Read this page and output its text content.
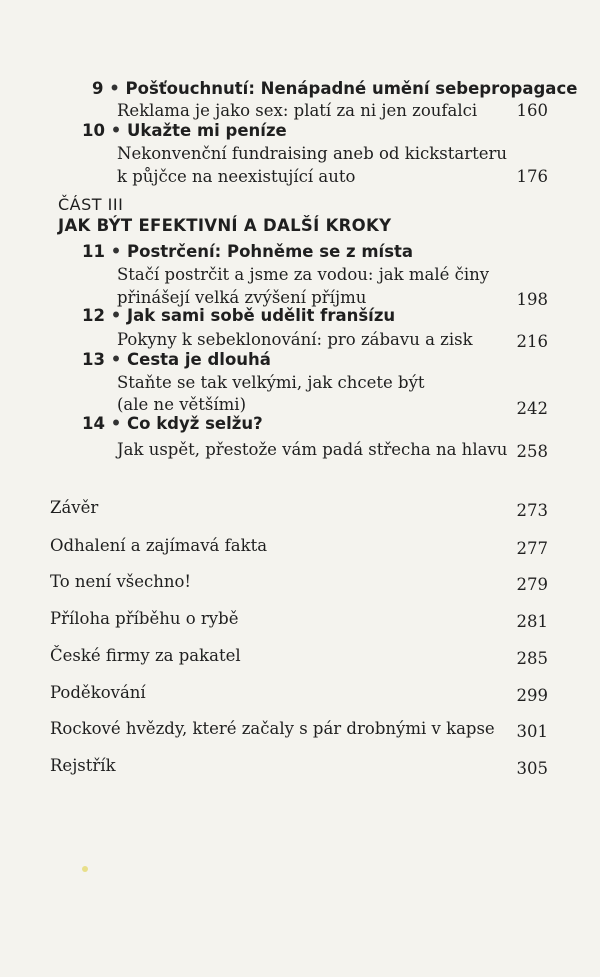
9 • Pošťouchnutí: Nenápadné umění sebepropagace
Reklama je jako sex: platí za ni jen zoufalci 160
10 • Ukažte mi peníze
Nekonvenční fundraising aneb od kickstarteru
k půjčce na neexistující auto	176
ČÁST III
JAK BÝT EFEKTIVNÍ A DALŠÍ KROKY
11 • Postrčení: Pohněme se z místa
Stačí postrčit a jsme za vodou: jak malé činy
přinášejí velká zvýšení příjmu	198
12 • Jak sami sobě udělit franšízu
Pokyny k sebeklonování: pro zábavu a zisk	216
13 • Cesta je dlouhá
Staňte se tak velkými, jak chcete být
(ale ne většími)	242
14 • Co když selžu?
Jak uspět, přestože vám padá střecha na hlavu 258
Závěr	273
Odhalení a zajímavá fakta	277
To není všechno!	279
Příloha příběhu o rybě	281
České firmy za pakatel	285
Poděkování	299
Rockové hvězdy, které začaly s pár drobnými v kapse 301
Rejstřík	305
